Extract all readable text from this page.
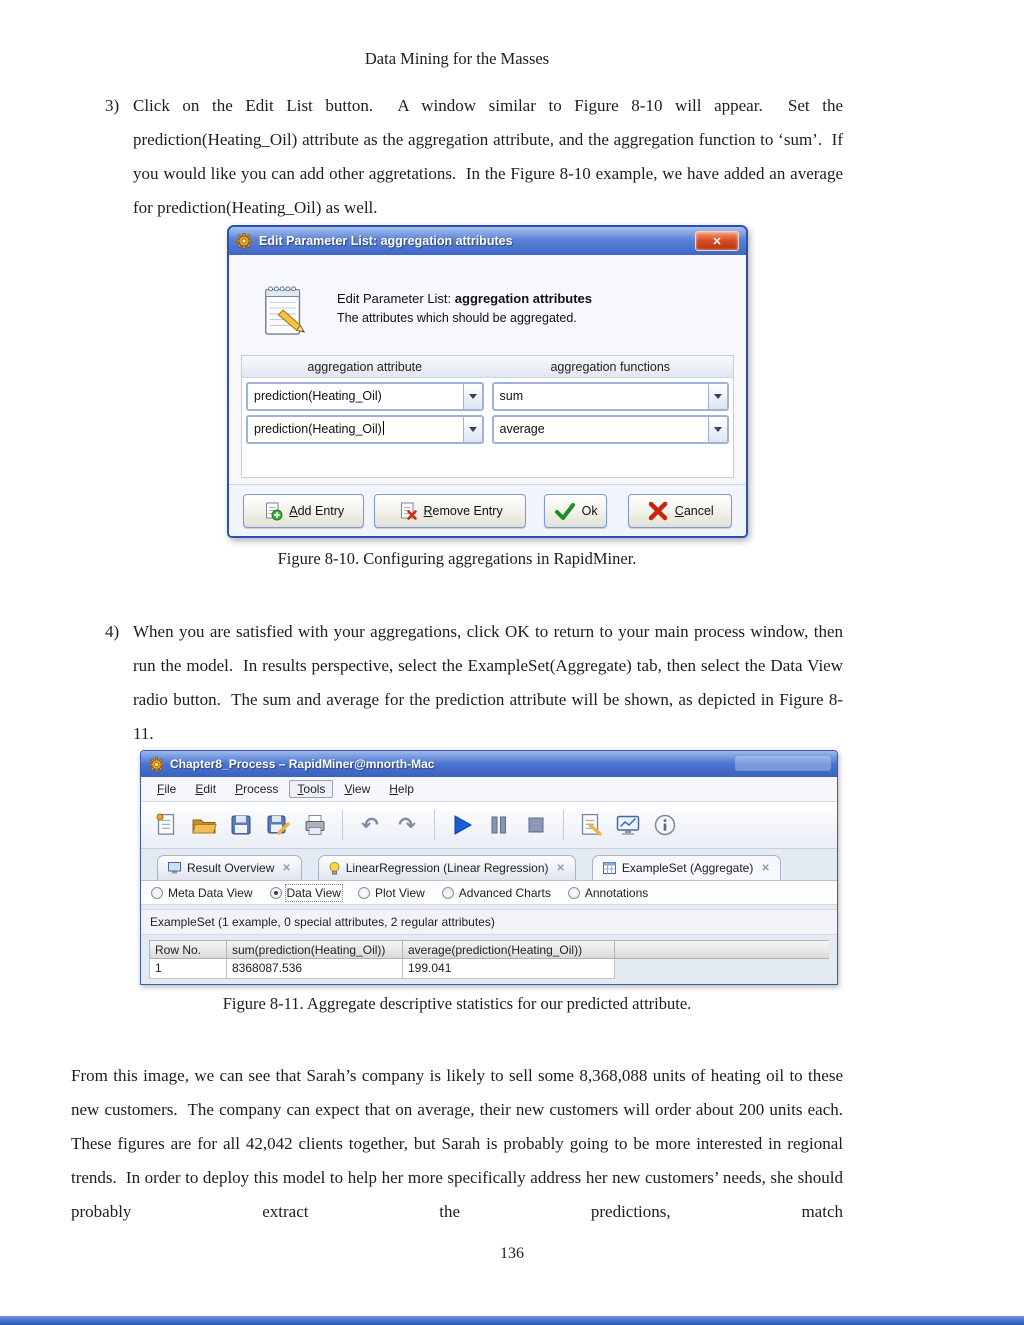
Data Mining for the Masses
3) Click on the Edit List button.  A window similar to Figure 8-10 will appear.  Set the prediction(Heating_Oil) attribute as the aggregation attribute, and the aggregation function to ‘sum’.  If you would like you can add other aggretations.  In the Figure 8-10 example, we have added an average for prediction(Heating_Oil) as well.
Edit Parameter List: aggregation attributes	✕
Edit Parameter List: aggregation attributes
The attributes which should be aggregated.
aggregation attribute	aggregation functions
prediction(Heating_Oil)	sum
prediction(Heating_Oil)	average
Add Entry	Remove Entry	Ok	Cancel
Figure 8-10. Configuring aggregations in RapidMiner.
4) When you are satisfied with your aggregations, click OK to return to your main process window, then run the model.  In results perspective, select the ExampleSet(Aggregate) tab, then select the Data View radio button.  The sum and average for the prediction attribute will be shown, as depicted in Figure 8-11.
Chapter8_Process – RapidMiner@mnorth-Mac
File	Edit	Process	Tools	View	Help
↶ ↷
Result Overview ✕	LinearRegression (Linear Regression) ✕	ExampleSet (Aggregate) ✕
Meta Data View	Data View	Plot View	Advanced Charts	Annotations
ExampleSet (1 example, 0 special attributes, 2 regular attributes)
Row No.	sum(prediction(Heating_Oil))	average(prediction(Heating_Oil))
1	8368087.536	199.041
Figure 8-11. Aggregate descriptive statistics for our predicted attribute.
From this image, we can see that Sarah’s company is likely to sell some 8,368,088 units of heating oil to these new customers.  The company can expect that on average, their new customers will order about 200 units each.  These figures are for all 42,042 clients together, but Sarah is probably going to be more interested in regional trends.  In order to deploy this model to help her more specifically address her new customers’ needs, she should probably extract the predictions, match
136
